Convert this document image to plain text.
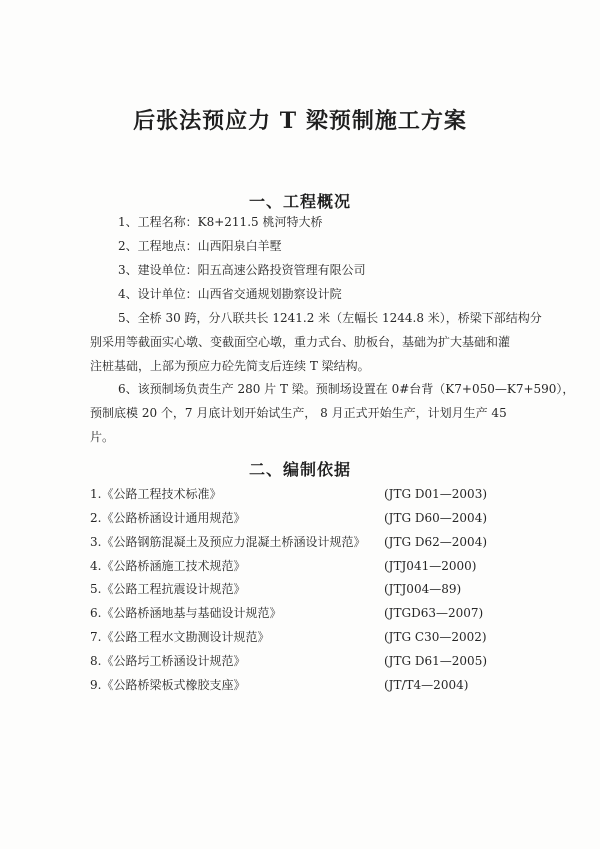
后张法预应力 T 梁预制施工方案
一、工程概况
1、工程名称：K8+211.5 桃河特大桥
2、工程地点：山西阳泉白羊墅
3、建设单位：阳五高速公路投资管理有限公司
4、设计单位：山西省交通规划勘察设计院
5、全桥 30 跨，分八联共长 1241.2 米（左幅长 1244.8 米），桥梁下部结构分
别采用等截面实心墩、变截面空心墩，重力式台、肋板台，基础为扩大基础和灌
注桩基础，上部为预应力砼先简支后连续 T 梁结构。
6、该预制场负责生产 280 片 T 梁。预制场设置在 0#台背（K7+050—K7+590），
预制底模 20 个，7 月底计划开始试生产， 8 月正式开始生产，计划月生产 45
片。
二、编制依据
1.《公路工程技术标准》	(JTG D01—2003)
2.《公路桥涵设计通用规范》	(JTG D60—2004)
3.《公路钢筋混凝土及预应力混凝土桥涵设计规范》 (JTG D62—2004)
4.《公路桥涵施工技术规范》	(JTJ041—2000)
5.《公路工程抗震设计规范》	(JTJ004—89)
6.《公路桥涵地基与基础设计规范》	(JTGD63—2007)
7.《公路工程水文勘测设计规范》	(JTG C30—2002)
8.《公路圬工桥涵设计规范》	(JTG D61—2005)
9.《公路桥梁板式橡胶支座》	(JT/T4—2004)
